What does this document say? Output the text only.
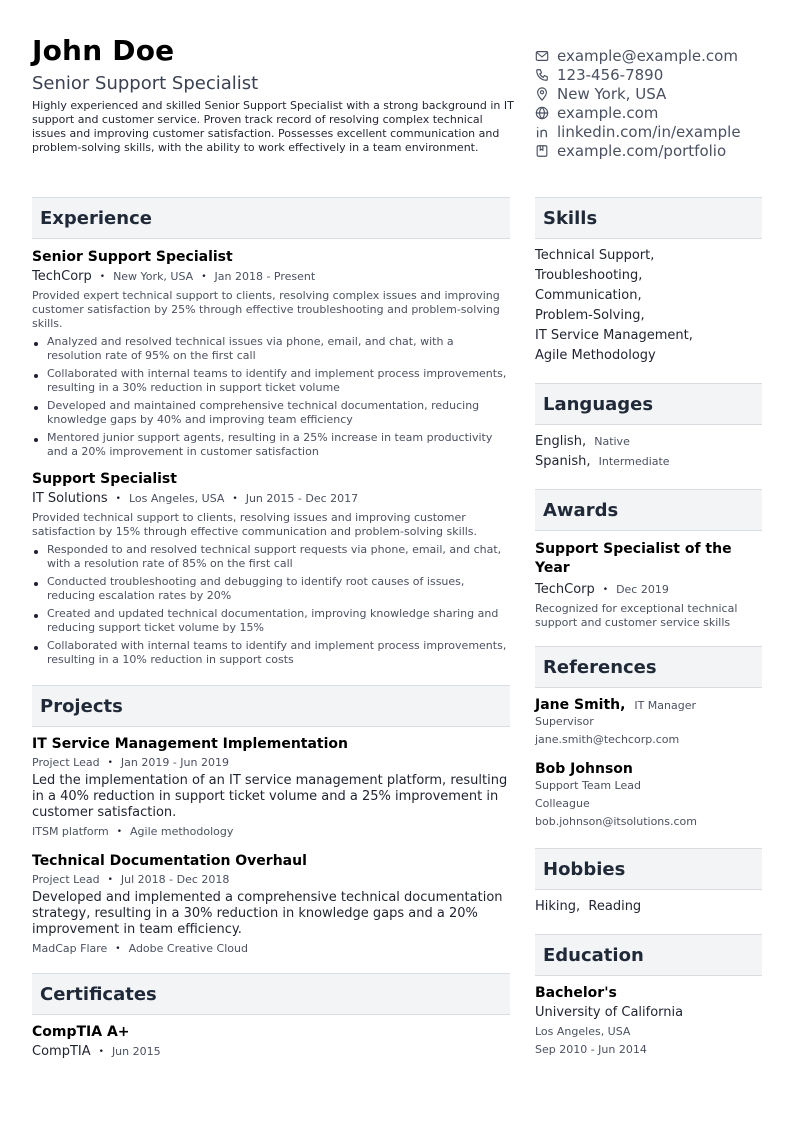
John Doe
Senior Support Specialist
Highly experienced and skilled Senior Support Specialist with a strong background in IT support and customer service. Proven track record of resolving complex technical issues and improving customer satisfaction. Possesses excellent communication and problem-solving skills, with the ability to work effectively in a team environment.
example@example.com
123-456-7890
New York, USA
example.com
linkedin.com/in/example
example.com/portfolio
Experience
Senior Support Specialist
TechCorp • New York, USA • Jan 2018 - Present
Provided expert technical support to clients, resolving complex issues and improving customer satisfaction by 25% through effective troubleshooting and problem-solving skills.
Analyzed and resolved technical issues via phone, email, and chat, with a resolution rate of 95% on the first call
Collaborated with internal teams to identify and implement process improvements, resulting in a 30% reduction in support ticket volume
Developed and maintained comprehensive technical documentation, reducing knowledge gaps by 40% and improving team efficiency
Mentored junior support agents, resulting in a 25% increase in team productivity and a 20% improvement in customer satisfaction
Support Specialist
IT Solutions • Los Angeles, USA • Jun 2015 - Dec 2017
Provided technical support to clients, resolving issues and improving customer satisfaction by 15% through effective communication and problem-solving skills.
Responded to and resolved technical support requests via phone, email, and chat, with a resolution rate of 85% on the first call
Conducted troubleshooting and debugging to identify root causes of issues, reducing escalation rates by 20%
Created and updated technical documentation, improving knowledge sharing and reducing support ticket volume by 15%
Collaborated with internal teams to identify and implement process improvements, resulting in a 10% reduction in support costs
Projects
IT Service Management Implementation
Project Lead • Jan 2019 - Jun 2019
Led the implementation of an IT service management platform, resulting in a 40% reduction in support ticket volume and a 25% improvement in customer satisfaction.
ITSM platform • Agile methodology
Technical Documentation Overhaul
Project Lead • Jul 2018 - Dec 2018
Developed and implemented a comprehensive technical documentation strategy, resulting in a 30% reduction in knowledge gaps and a 20% improvement in team efficiency.
MadCap Flare • Adobe Creative Cloud
Certificates
CompTIA A+
CompTIA • Jun 2015
Skills
Technical Support,
Troubleshooting,
Communication,
Problem-Solving,
IT Service Management,
Agile Methodology
Languages
English, Native
Spanish, Intermediate
Awards
Support Specialist of the Year
TechCorp • Dec 2019
Recognized for exceptional technical support and customer service skills
References
Jane Smith, IT Manager
Supervisor
jane.smith@techcorp.com
Bob Johnson
Support Team Lead
Colleague
bob.johnson@itsolutions.com
Hobbies
Hiking,  Reading
Education
Bachelor's
University of California
Los Angeles, USA
Sep 2010 - Jun 2014
